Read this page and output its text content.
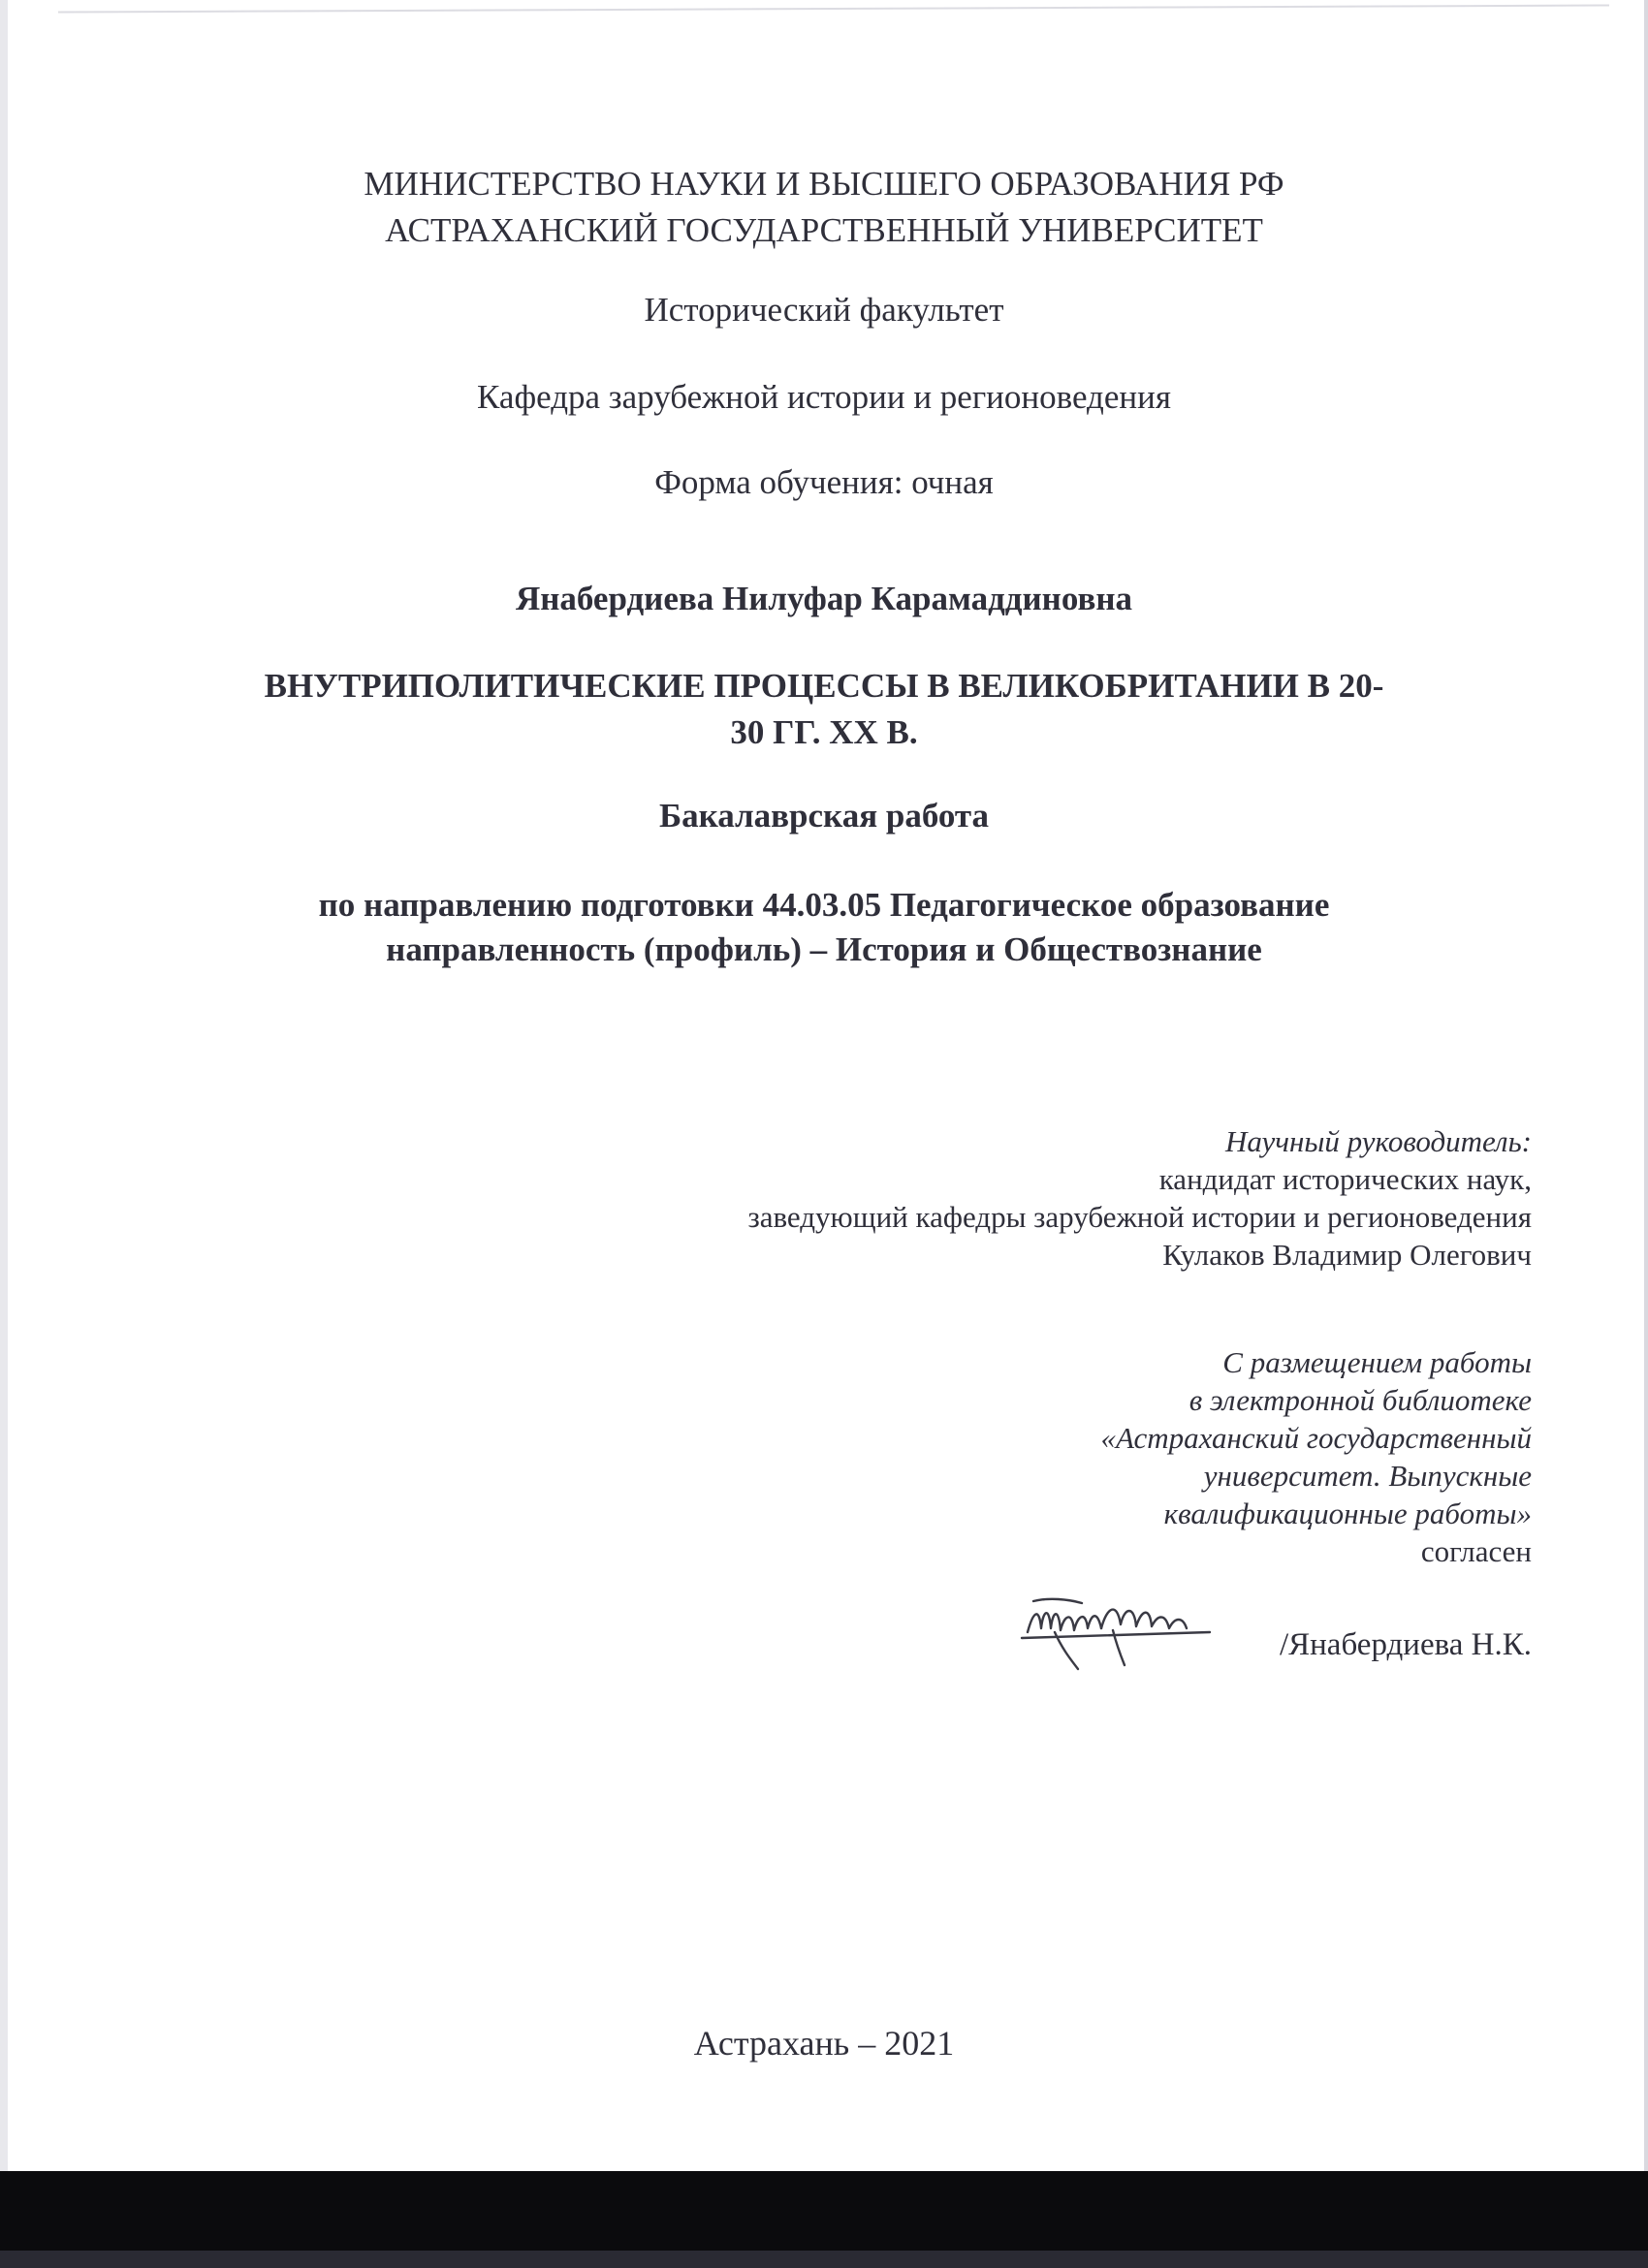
МИНИСТЕРСТВО НАУКИ И ВЫСШЕГО ОБРАЗОВАНИЯ РФ
АСТРАХАНСКИЙ ГОСУДАРСТВЕННЫЙ УНИВЕРСИТЕТ
Исторический факультет
Кафедра зарубежной истории и регионоведения
Форма обучения: очная
Янабердиева Нилуфар Карамаддиновна
ВНУТРИПОЛИТИЧЕСКИЕ ПРОЦЕССЫ В ВЕЛИКОБРИТАНИИ В 20-
30 ГГ. XX В.
Бакалаврская работа
по направлению подготовки 44.03.05 Педагогическое образование
направленность (профиль) – История и Обществознание
Научный руководитель:
кандидат исторических наук,
заведующий кафедры зарубежной истории и регионоведения
Кулаков Владимир Олегович
С размещением работы
в электронной библиотеке
«Астраханский государственный
университет. Выпускные
квалификационные работы»
согласен
/Янабердиева Н.К.
Астрахань – 2021
